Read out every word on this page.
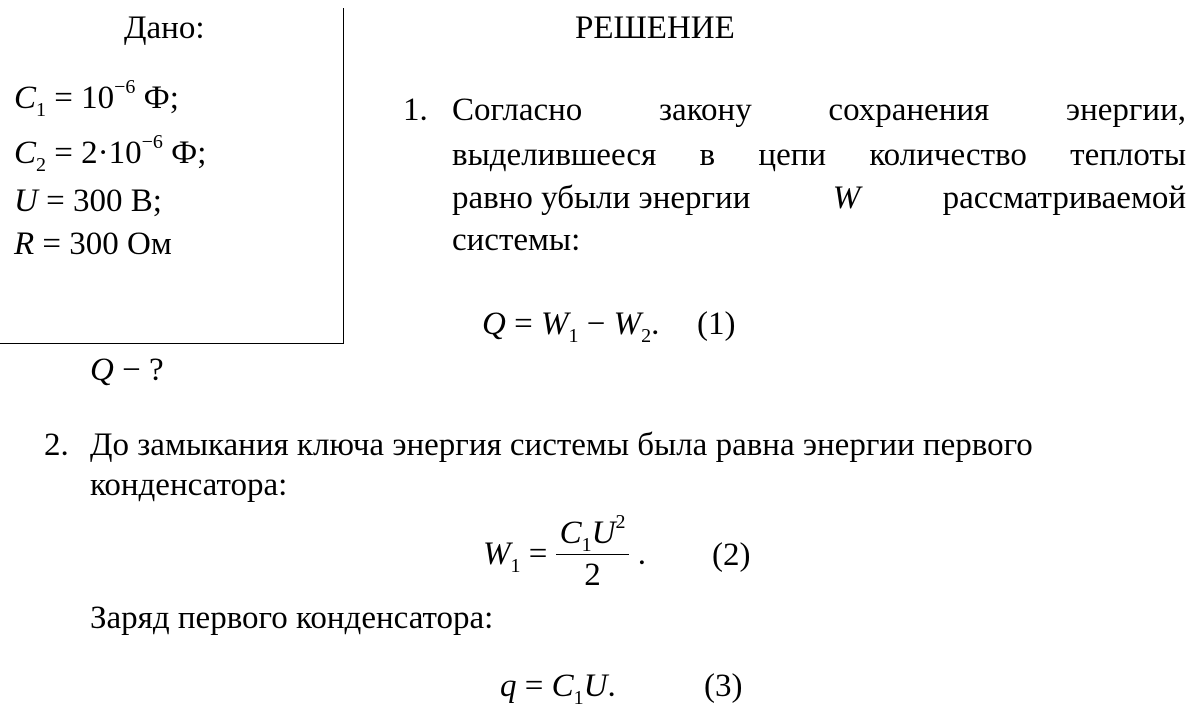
Дано:
$C_1 = 10^{-6}$ Ф;
$C_2 = 2\cdot 10^{-6}$ Ф;
U = 300 В;
R = 300 Ом
Q − ?
РЕШЕНИЕ
1. Согласно закону сохранения энергии,
выделившееся в цепи количество теплоты
равно убыли энергии W рассматриваемой
системы:
$Q = W_1 - W_2$. (1)
2. До замыкания ключа энергия системы была равна энергии первого
конденсатора:
$W_1 = \frac{C_1U^2}{2}$ . (2)
Заряд первого конденсатора:
$q = C_1U$.	(3)
